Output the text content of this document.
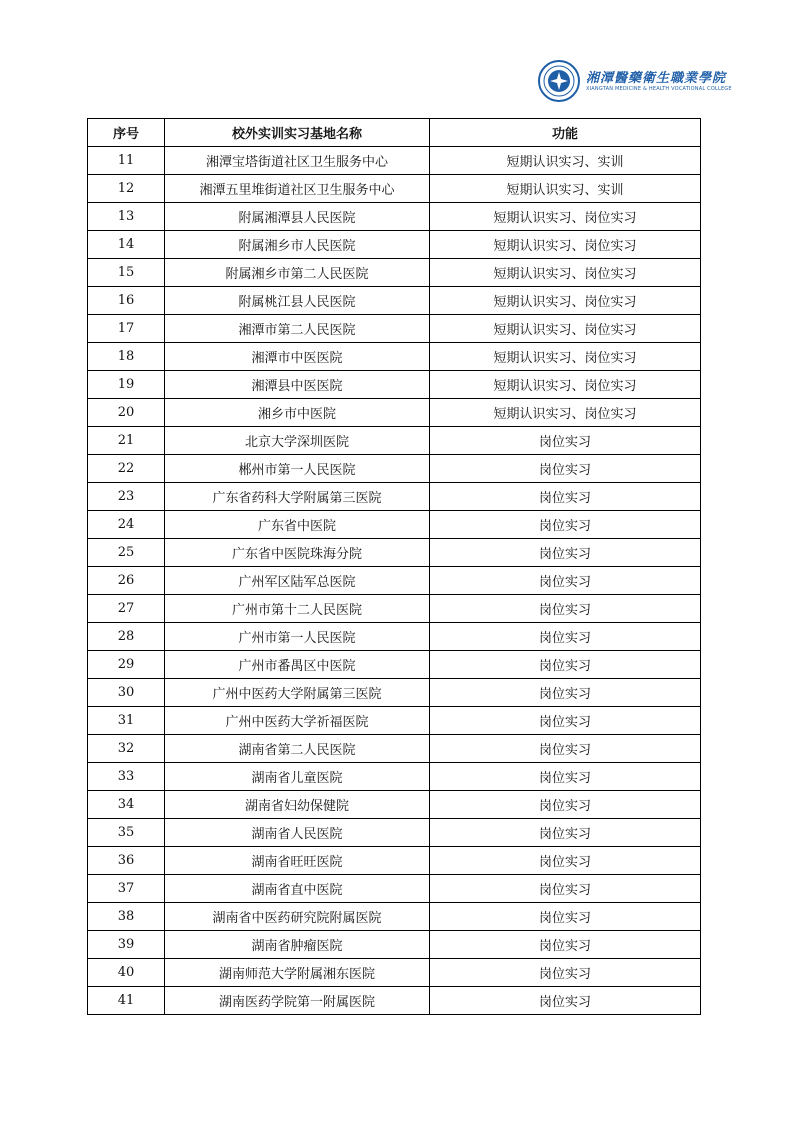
湘潭醫藥衛生職業學院
XIANGTAN MEDICINE & HEALTH VOCATIONAL COLLEGE
序号	校外实训实习基地名称	功能
11	湘潭宝塔街道社区卫生服务中心	短期认识实习、实训
12	湘潭五里堆街道社区卫生服务中心	短期认识实习、实训
13	附属湘潭县人民医院	短期认识实习、岗位实习
14	附属湘乡市人民医院	短期认识实习、岗位实习
15	附属湘乡市第二人民医院	短期认识实习、岗位实习
16	附属桃江县人民医院	短期认识实习、岗位实习
17	湘潭市第二人民医院	短期认识实习、岗位实习
18	湘潭市中医医院	短期认识实习、岗位实习
19	湘潭县中医医院	短期认识实习、岗位实习
20	湘乡市中医院	短期认识实习、岗位实习
21	北京大学深圳医院	岗位实习
22	郴州市第一人民医院	岗位实习
23	广东省药科大学附属第三医院	岗位实习
24	广东省中医院	岗位实习
25	广东省中医院珠海分院	岗位实习
26	广州军区陆军总医院	岗位实习
27	广州市第十二人民医院	岗位实习
28	广州市第一人民医院	岗位实习
29	广州市番禺区中医院	岗位实习
30	广州中医药大学附属第三医院	岗位实习
31	广州中医药大学祈福医院	岗位实习
32	湖南省第二人民医院	岗位实习
33	湖南省儿童医院	岗位实习
34	湖南省妇幼保健院	岗位实习
35	湖南省人民医院	岗位实习
36	湖南省旺旺医院	岗位实习
37	湖南省直中医院	岗位实习
38	湖南省中医药研究院附属医院	岗位实习
39	湖南省肿瘤医院	岗位实习
40	湖南师范大学附属湘东医院	岗位实习
41	湖南医药学院第一附属医院	岗位实习
